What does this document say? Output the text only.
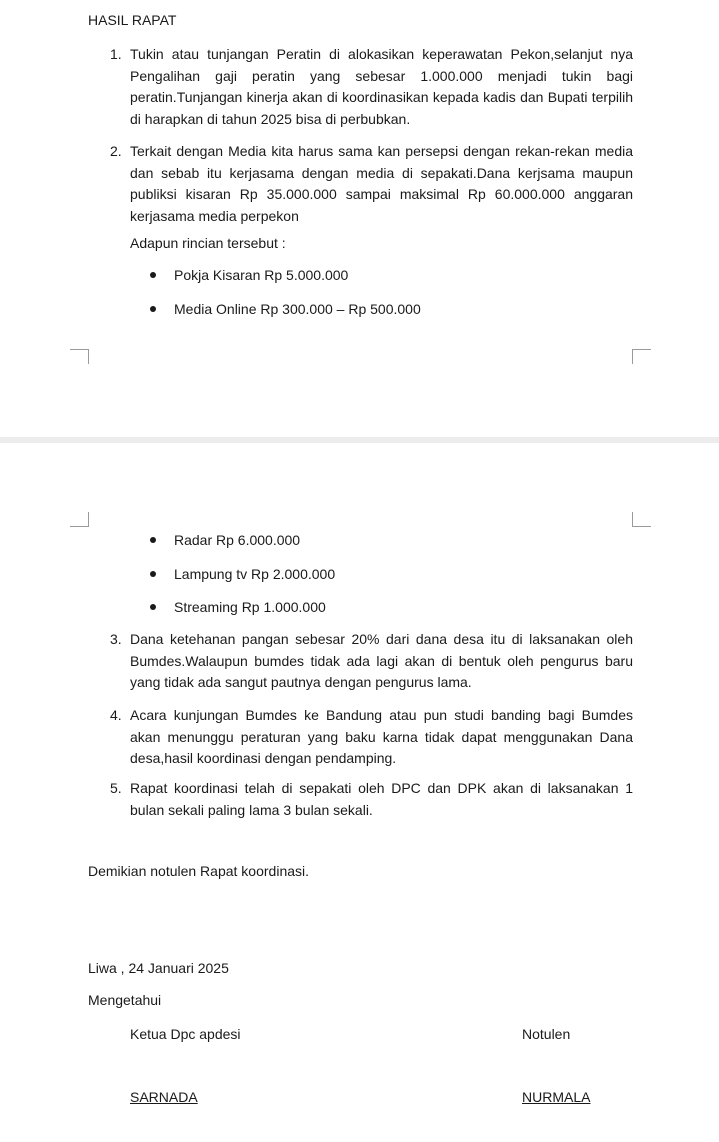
HASIL RAPAT
1. Tukin atau tunjangan Peratin di alokasikan keperawatan Pekon,selanjut nya Pengalihan gaji peratin yang sebesar 1.000.000 menjadi tukin bagi peratin.Tunjangan kinerja akan di koordinasikan kepada kadis dan Bupati terpilih di harapkan di tahun 2025 bisa di perbubkan.
2. Terkait dengan Media kita harus sama kan persepsi dengan rekan-rekan media dan sebab itu kerjasama dengan media di sepakati.Dana kerjsama maupun publiksi kisaran Rp 35.000.000 sampai maksimal Rp 60.000.000 anggaran kerjasama media perpekon
Adapun rincian tersebut :
Pokja Kisaran Rp 5.000.000
Media Online Rp 300.000 – Rp 500.000
Radar Rp 6.000.000
Lampung tv Rp 2.000.000
Streaming Rp 1.000.000
3. Dana ketehanan pangan sebesar 20% dari dana desa itu di laksanakan oleh Bumdes.Walaupun bumdes tidak ada lagi akan di bentuk oleh pengurus baru yang tidak ada sangut pautnya dengan pengurus lama.
4. Acara kunjungan Bumdes ke Bandung atau pun studi banding bagi Bumdes akan menunggu peraturan yang baku karna tidak dapat menggunakan Dana desa,hasil koordinasi dengan pendamping.
5. Rapat koordinasi telah di sepakati oleh DPC dan DPK akan di laksanakan 1 bulan sekali paling lama 3 bulan sekali.
Demikian notulen Rapat koordinasi.
Liwa , 24 Januari 2025
Mengetahui
Ketua Dpc apdesi	Notulen
SARNADA	NURMALA
